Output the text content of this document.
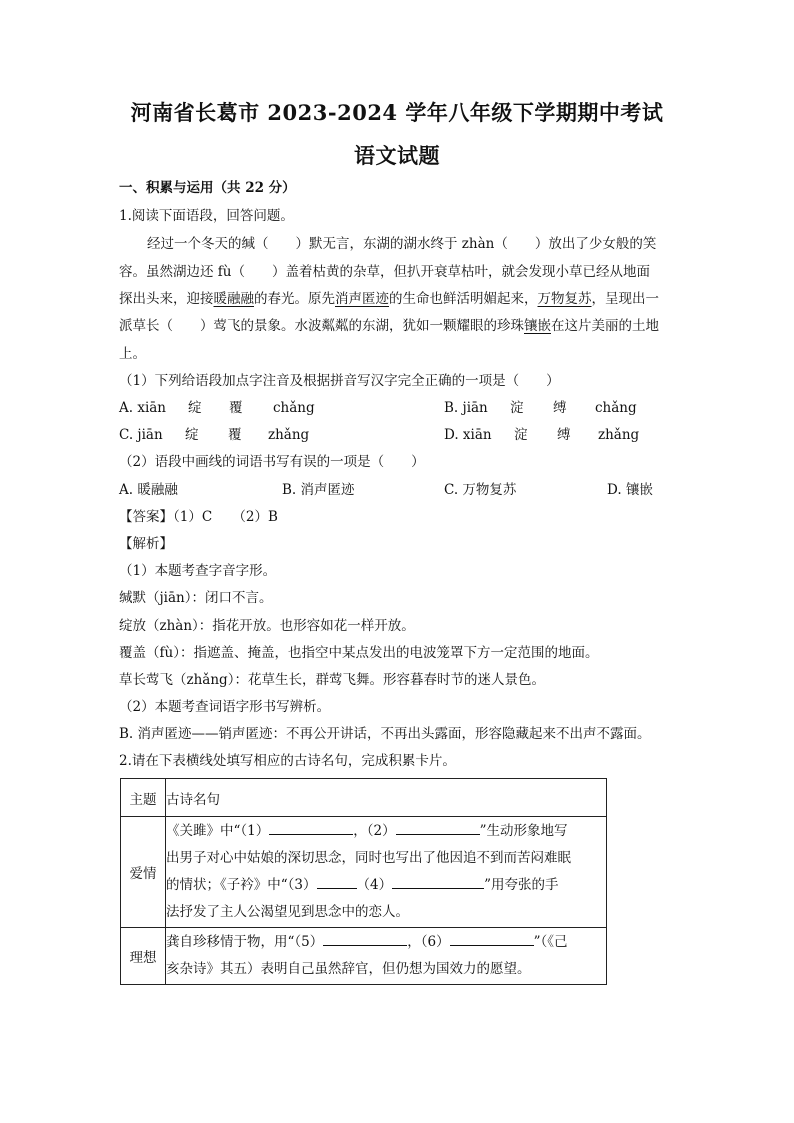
河南省长葛市 2023-2024 学年八年级下学期期中考试
语文试题
一、积累与运用（共 22 分）
1.阅读下面语段，回答问题。
经过一个冬天的缄（　　）默无言，东湖的湖水终于 zhàn（　　）放出了少女般的笑
容。虽然湖边还 fù（　　）盖着枯黄的杂草，但扒开衰草枯叶，就会发现小草已经从地面
探出头来，迎接暖融融的春光。原先消声匿迹的生命也鲜活明媚起来，万物复苏，呈现出一
派草长（　　）莺飞的景象。水波粼粼的东湖，犹如一颗耀眼的珍珠镶嵌在这片美丽的土地
上。
（1）下列给语段加点字注音及根据拼音写汉字完全正确的一项是（　　）
A. xiān 绽 覆 chǎng	B. jiān 淀 缚 chǎng
C. jiān 绽 覆 zhǎng	D. xiān 淀 缚 zhǎng
（2）语段中画线的词语书写有误的一项是（　　）
A. 暖融融	B. 消声匿迹	C. 万物复苏	D. 镶嵌
【答案】（1）C　　（2）B
【解析】
（1）本题考查字音字形。
缄默（jiān）：闭口不言。
绽放（zhàn）：指花开放。也形容如花一样开放。
覆盖（fù）：指遮盖、掩盖，也指空中某点发出的电波笼罩下方一定范围的地面。
草长莺飞（zhǎng）：花草生长，群莺飞舞。形容暮春时节的迷人景色。
（2）本题考查词语字形书写辨析。
B. 消声匿迹——销声匿迹：不再公开讲话，不再出头露面，形容隐藏起来不出声不露面。
2.请在下表横线处填写相应的古诗名句，完成积累卡片。
主题	古诗名句
爱情	《关雎》中“（1） ，（2） ”生动形象地写
出男子对心中姑娘的深切思念，同时也写出了他因追不到而苦闷难眠
的情状；《子衿》中“（3） （4） ”用夸张的手
法抒发了主人公渴望见到思念中的恋人。

理想	龚自珍移情于物，用“（5） ，（6） ”（《己
亥杂诗》其五）表明自己虽然辞官，但仍想为国效力的愿望。
